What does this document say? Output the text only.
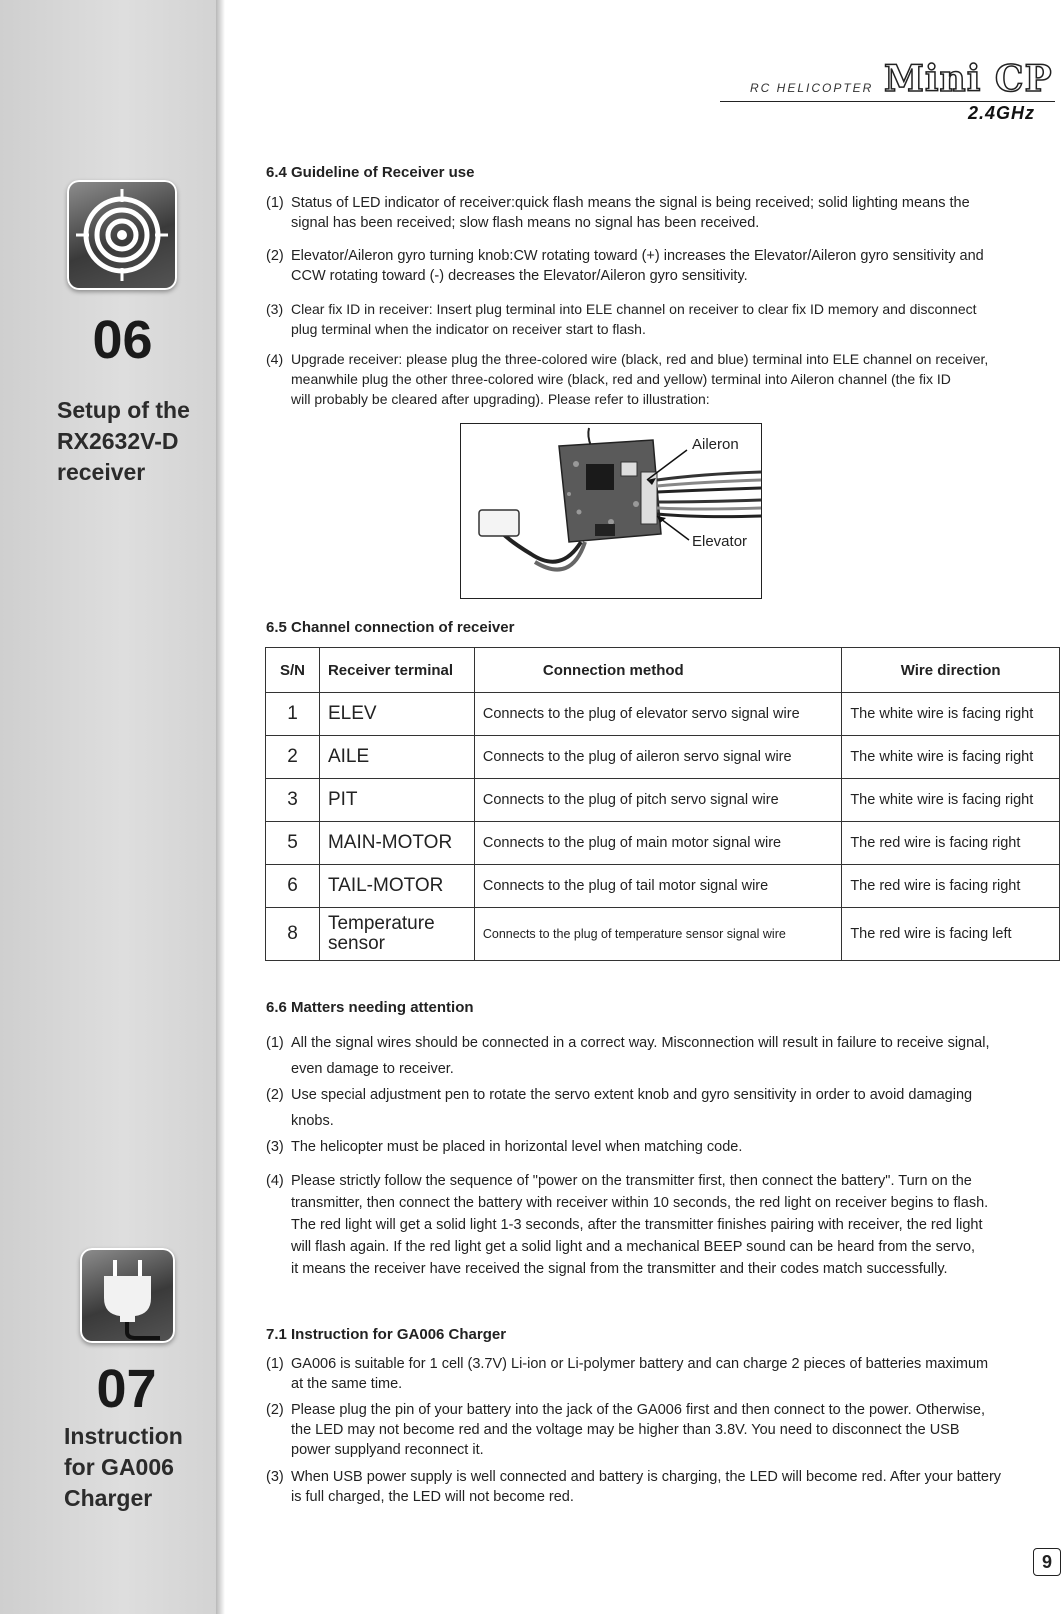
06
Setup of the
RX2632V-D
receiver
07
Instruction
for GA006
Charger
RC HELICOPTER Mini CP
2.4GHz
6.4 Guideline of Receiver use
(1) Status of LED indicator of receiver:quick flash means the signal is being received; solid lighting means the
signal has been received; slow flash means no signal has been received.
(2) Elevator/Aileron gyro turning knob:CW rotating toward (+) increases the Elevator/Aileron gyro sensitivity and
CCW rotating toward (-) decreases the Elevator/Aileron gyro sensitivity.
(3) Clear fix ID in receiver: Insert plug terminal into ELE channel on receiver to clear fix ID memory and disconnect
plug terminal when the indicator on receiver start to flash.
(4) Upgrade receiver: please plug the three-colored wire (black, red and blue) terminal into ELE channel on receiver,
meanwhile plug the other three-colored wire (black, red and yellow) terminal into Aileron channel (the fix ID
will probably be cleared after upgrading). Please refer to illustration:
Aileron
Elevator
6.5 Channel connection of receiver
S/N	Receiver terminal	Connection method	Wire direction
1	ELEV	Connects to the plug of elevator servo signal wire	The white wire is facing right
2	AILE	Connects to the plug of aileron servo signal wire	The white wire is facing right
3	PIT	Connects to the plug of pitch servo signal wire	The white wire is facing right
5	MAIN-MOTOR	Connects to the plug of main motor signal wire	The red wire is facing right
6	TAIL-MOTOR	Connects to the plug of tail motor signal wire	The red wire is facing right
8	Temperature sensor	Connects to the plug of temperature sensor signal wire	The red wire is facing left
6.6 Matters needing attention
(1) All the signal wires should be connected in a correct way. Misconnection will result in failure to receive signal,
even damage to receiver.
(2) Use special adjustment pen to rotate the servo extent knob and gyro sensitivity in order to avoid damaging
knobs.
(3) The helicopter must be placed in horizontal level when matching code.
(4) Please strictly follow the sequence of "power on the transmitter first, then connect the battery". Turn on the
transmitter, then connect the battery with receiver within 10 seconds, the red light on receiver begins to flash.
The red light will get a solid light 1-3 seconds, after the transmitter finishes pairing with receiver, the red light
will flash again. If the red light get a solid light and a mechanical BEEP sound can be heard from the servo,
it means the receiver have received the signal from the transmitter and their codes match successfully.
7.1 Instruction for GA006 Charger
(1) GA006 is suitable for 1 cell (3.7V) Li-ion or Li-polymer battery and can charge 2 pieces of batteries maximum
at the same time.
(2) Please plug the pin of your battery into the jack of the GA006 first and then connect to the power. Otherwise,
the LED may not become red and the voltage may be higher than 3.8V. You need to disconnect the USB
power supplyand reconnect it.
(3) When USB power supply is well connected and battery is charging, the LED will become red. After your battery
is full charged, the LED will not become red.
9
